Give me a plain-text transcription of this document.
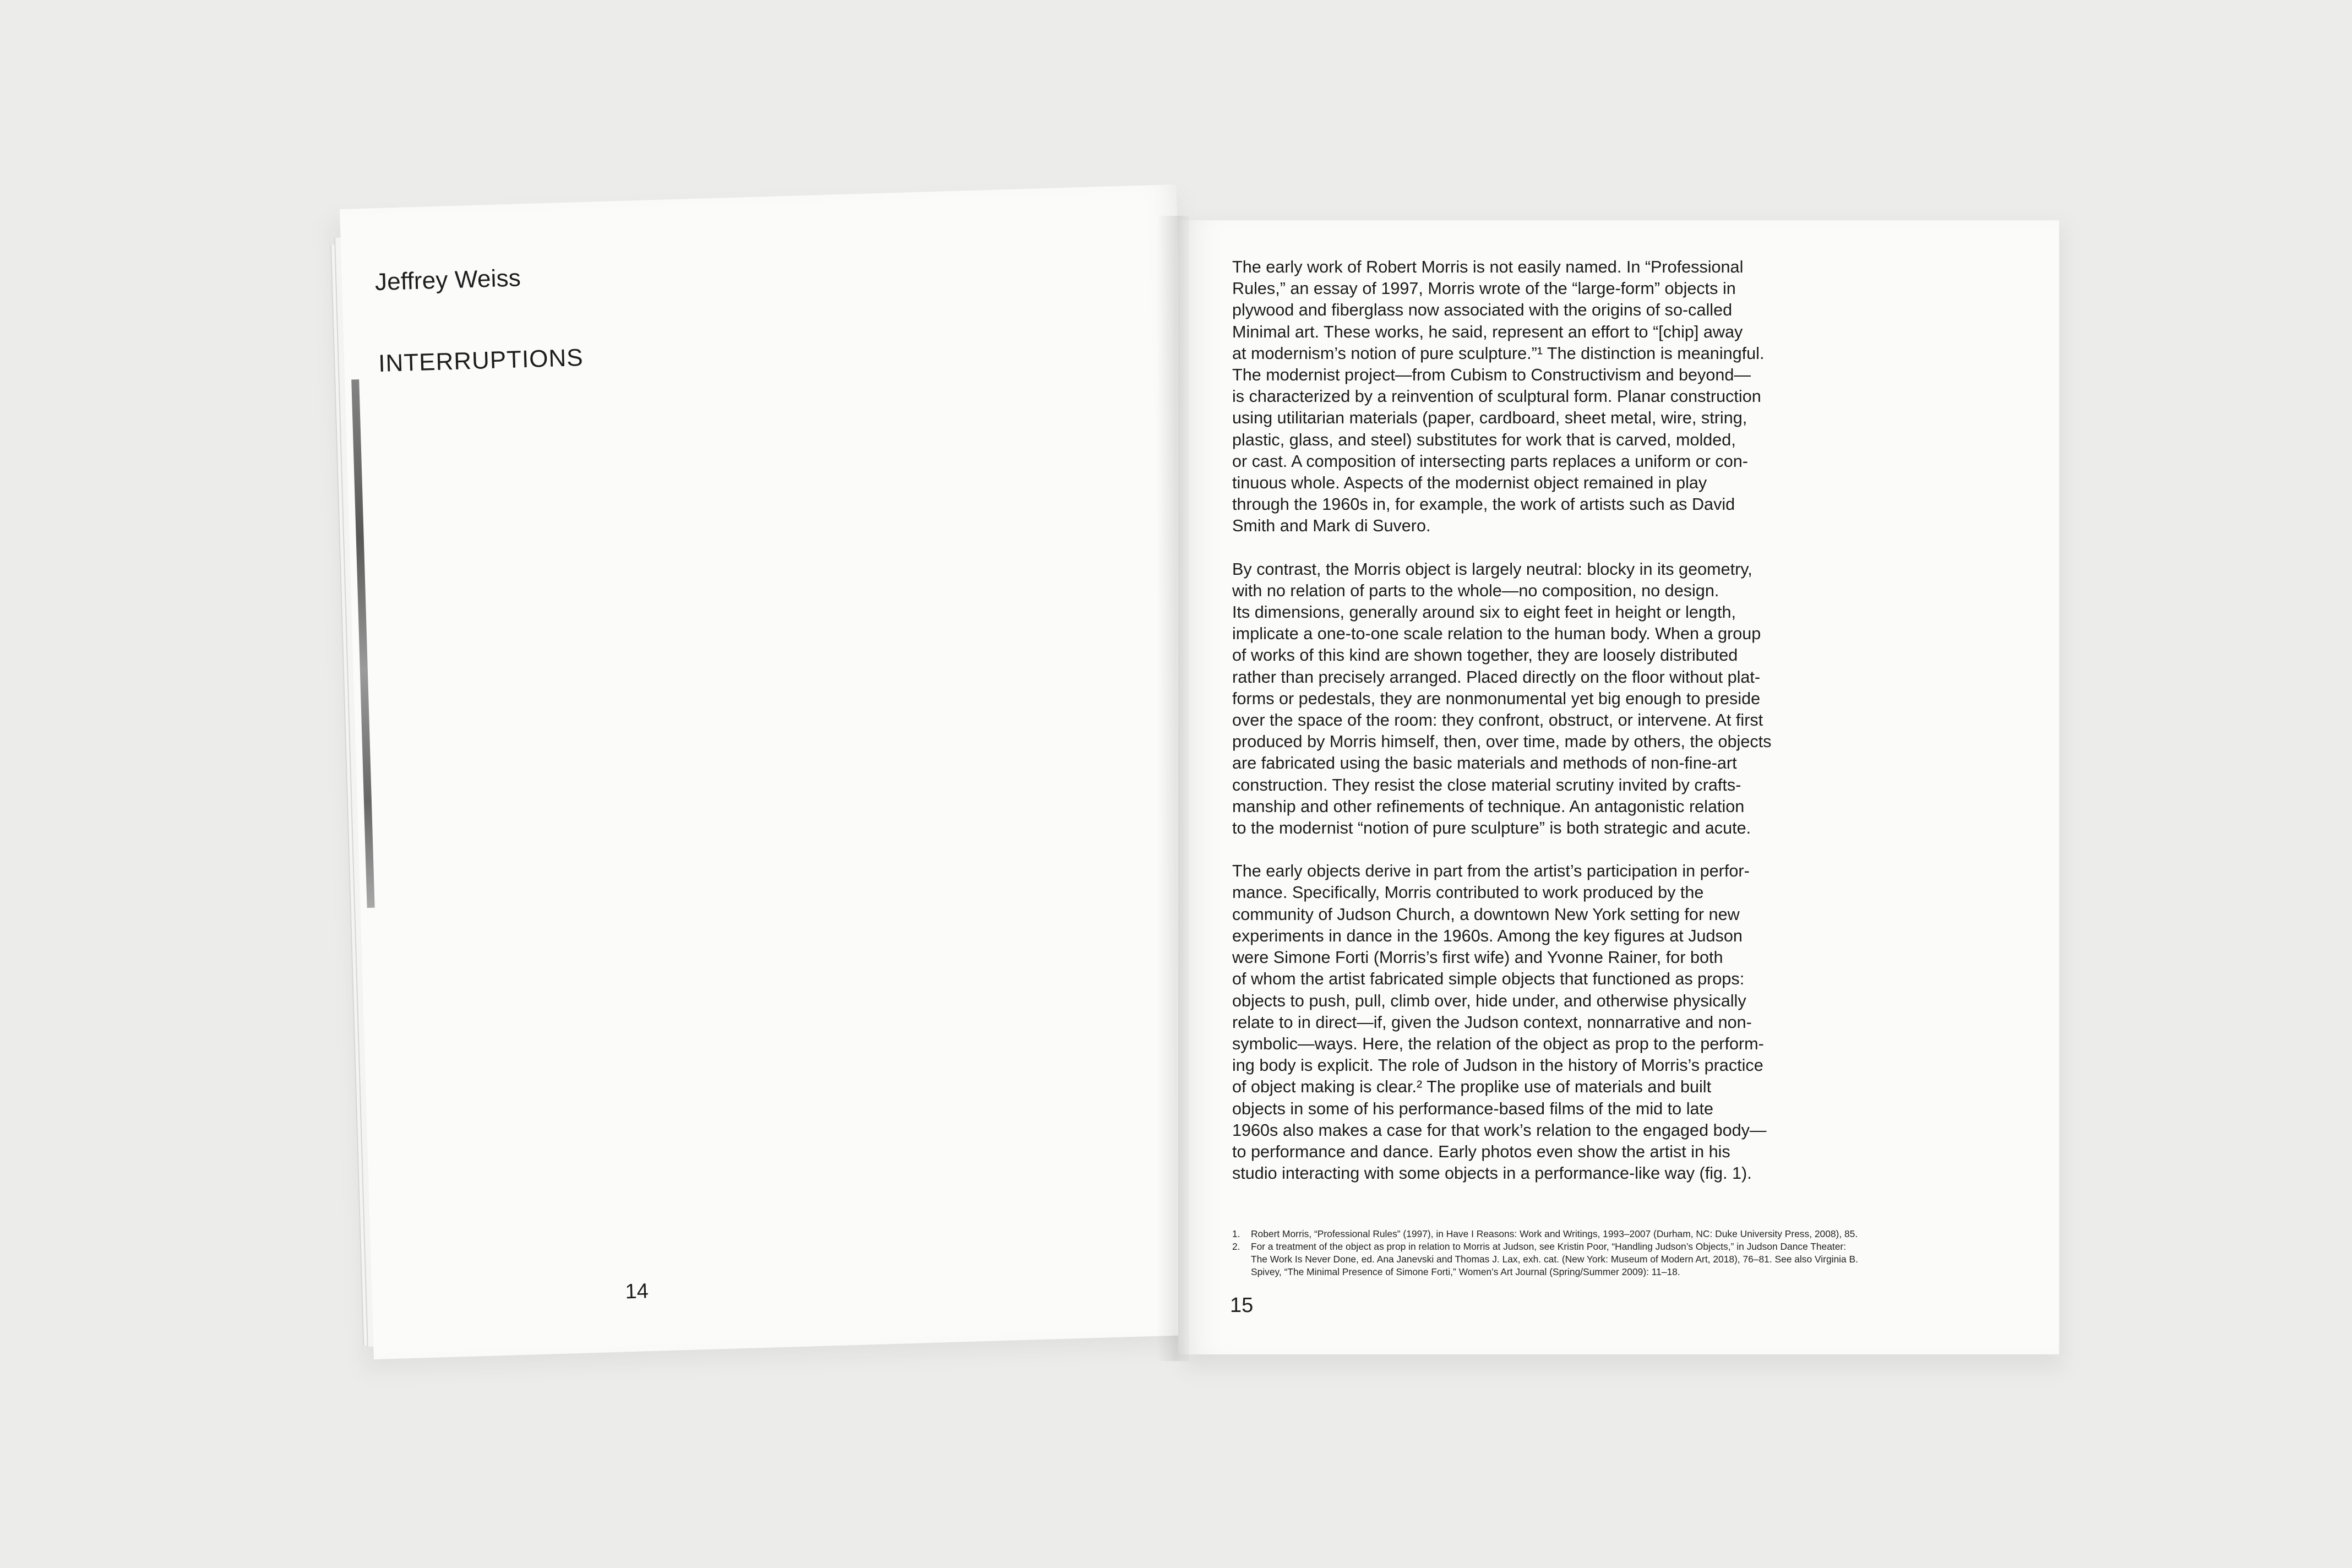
Jeffrey Weiss
INTERRUPTIONS
14

The early work of Robert Morris is not easily named. In “Professional
Rules,” an essay of 1997, Morris wrote of the “large-form” objects in
plywood and fiberglass now associated with the origins of so-called
Minimal art. These works, he said, represent an effort to “[chip] away
at modernism’s notion of pure sculpture.”¹ The distinction is meaningful.
The modernist project—from Cubism to Constructivism and beyond—
is characterized by a reinvention of sculptural form. Planar construction
using utilitarian materials (paper, cardboard, sheet metal, wire, string,
plastic, glass, and steel) substitutes for work that is carved, molded,
or cast. A composition of intersecting parts replaces a uniform or con-
tinuous whole. Aspects of the modernist object remained in play
through the 1960s in, for example, the work of artists such as David
Smith and Mark di Suvero.

By contrast, the Morris object is largely neutral: blocky in its geometry,
with no relation of parts to the whole—no composition, no design.
Its dimensions, generally around six to eight feet in height or length,
implicate a one-to-one scale relation to the human body. When a group
of works of this kind are shown together, they are loosely distributed
rather than precisely arranged. Placed directly on the floor without plat-
forms or pedestals, they are nonmonumental yet big enough to preside
over the space of the room: they confront, obstruct, or intervene. At first
produced by Morris himself, then, over time, made by others, the objects
are fabricated using the basic materials and methods of non-fine-art
construction. They resist the close material scrutiny invited by crafts-
manship and other refinements of technique. An antagonistic relation
to the modernist “notion of pure sculpture” is both strategic and acute.

The early objects derive in part from the artist’s participation in perfor-
mance. Specifically, Morris contributed to work produced by the
community of Judson Church, a downtown New York setting for new
experiments in dance in the 1960s. Among the key figures at Judson
were Simone Forti (Morris’s first wife) and Yvonne Rainer, for both
of whom the artist fabricated simple objects that functioned as props:
objects to push, pull, climb over, hide under, and otherwise physically
relate to in direct—if, given the Judson context, nonnarrative and non-
symbolic—ways. Here, the relation of the object as prop to the perform-
ing body is explicit. The role of Judson in the history of Morris’s practice
of object making is clear.² The proplike use of materials and built
objects in some of his performance-based films of the mid to late
1960s also makes a case for that work’s relation to the engaged body—
to performance and dance. Early photos even show the artist in his
studio interacting with some objects in a performance-like way (fig. 1).

1.	Robert Morris, “Professional Rules” (1997), in Have I Reasons: Work and Writings, 1993–2007 (Durham, NC: Duke University Press, 2008), 85.
2.	For a treatment of the object as prop in relation to Morris at Judson, see Kristin Poor, “Handling Judson’s Objects,” in Judson Dance Theater:
The Work Is Never Done, ed. Ana Janevski and Thomas J. Lax, exh. cat. (New York: Museum of Modern Art, 2018), 76–81. See also Virginia B.
Spivey, “The Minimal Presence of Simone Forti,” Women’s Art Journal (Spring/Summer 2009): 11–18.
15
